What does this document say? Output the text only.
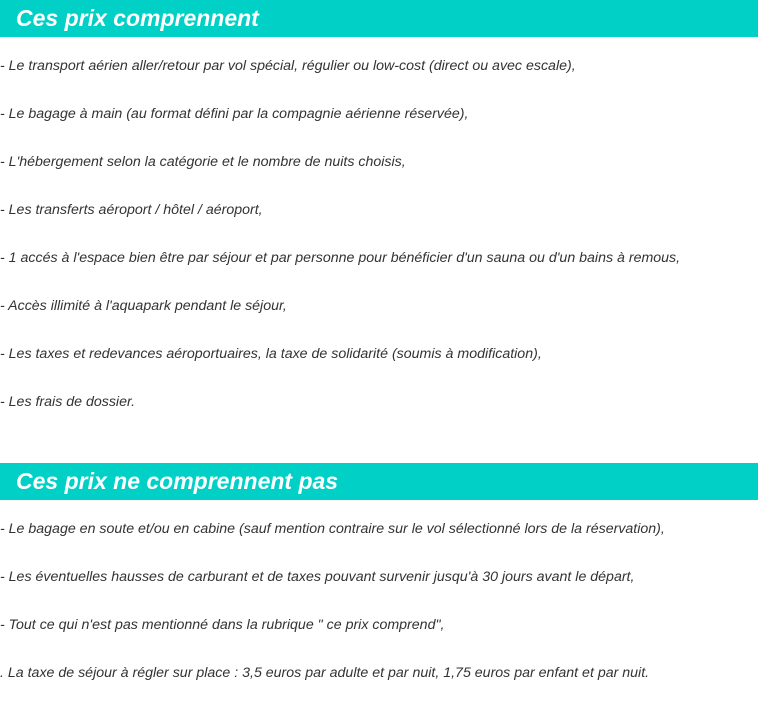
Ces prix comprennent
- Le transport aérien aller/retour par vol spécial, régulier ou low-cost (direct ou avec escale),
- Le bagage à main (au format défini par la compagnie aérienne réservée),
- L'hébergement selon la catégorie et le nombre de nuits choisis,
- Les transferts aéroport / hôtel / aéroport,
- 1 accés à l'espace bien être par séjour et par personne pour bénéficier d'un sauna ou d'un bains à remous,
- Accès illimité à l'aquapark pendant le séjour,
- Les taxes et redevances aéroportuaires, la taxe de solidarité (soumis à modification),
- Les frais de dossier.
Ces prix ne comprennent pas
- Le bagage en soute et/ou en cabine (sauf mention contraire sur le vol sélectionné lors de la réservation),
- Les éventuelles hausses de carburant et de taxes pouvant survenir jusqu'à 30 jours avant le départ,
- Tout ce qui n'est pas mentionné dans la rubrique " ce prix comprend",
. La taxe de séjour à régler sur place : 3,5 euros par adulte et par nuit, 1,75 euros par enfant et par nuit.
